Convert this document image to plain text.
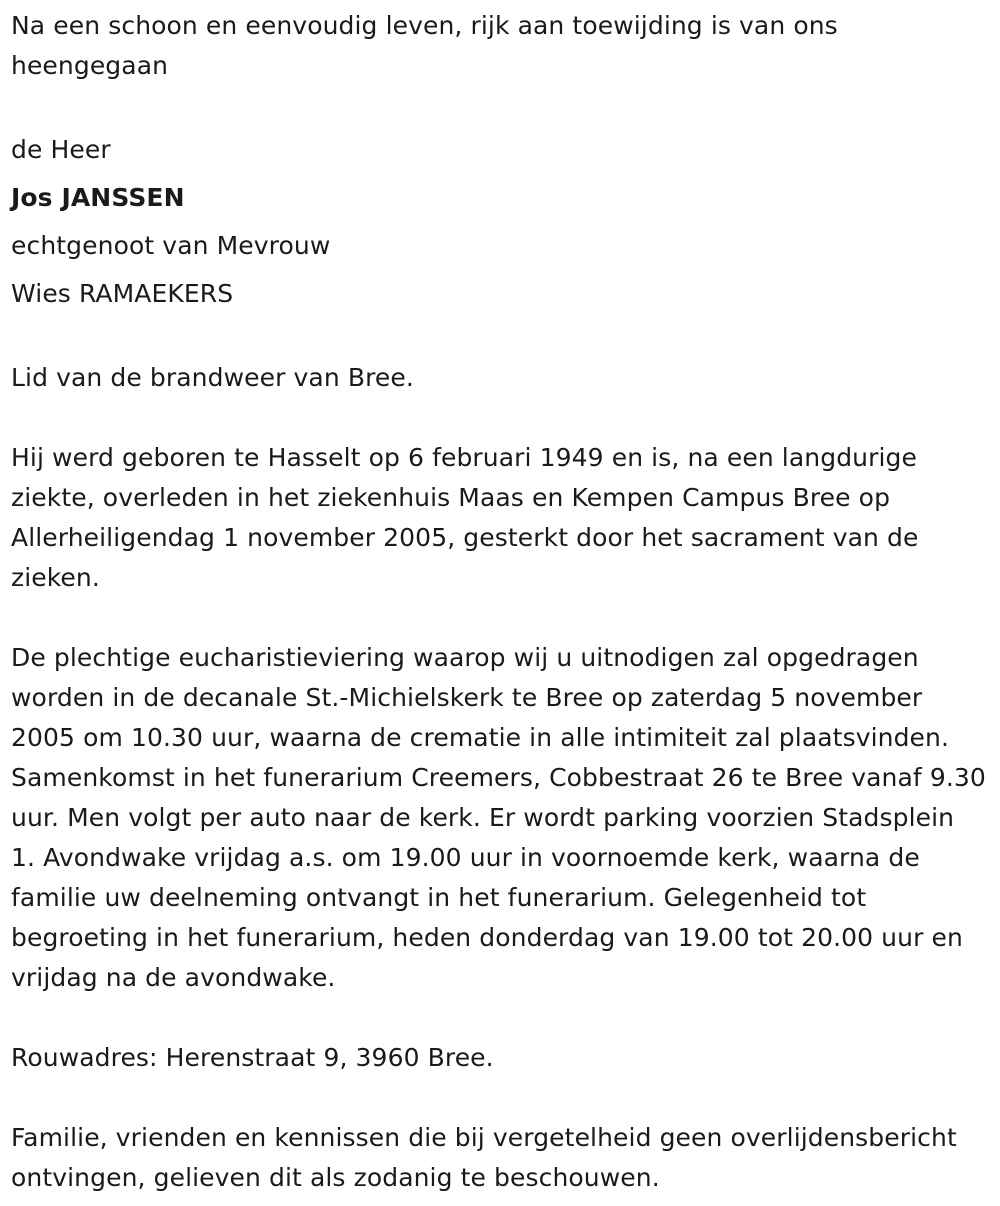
Na een schoon en eenvoudig leven, rijk aan toewijding is van ons heengegaan

de Heer

Jos JANSSEN

echtgenoot van Mevrouw

Wies RAMAEKERS

Lid van de brandweer van Bree.

Hij werd geboren te Hasselt op 6 februari 1949 en is, na een langdurige ziekte, overleden in het ziekenhuis Maas en Kempen Campus Bree op Allerheiligendag 1 november 2005, gesterkt door het sacrament van de zieken.

De plechtige eucharistieviering waarop wij u uitnodigen zal opgedragen worden in de decanale St.-Michielskerk te Bree op zaterdag 5 november 2005 om 10.30 uur, waarna de crematie in alle intimiteit zal plaatsvinden. Samenkomst in het funerarium Creemers, Cobbestraat 26 te Bree vanaf 9.30 uur. Men volgt per auto naar de kerk. Er wordt parking voorzien Stadsplein 1. Avondwake vrijdag a.s. om 19.00 uur in voornoemde kerk, waarna de familie uw deelneming ontvangt in het funerarium. Gelegenheid tot begroeting in het funerarium, heden donderdag van 19.00 tot 20.00 uur en vrijdag na de avondwake.

Rouwadres: Herenstraat 9, 3960 Bree.

Familie, vrienden en kennissen die bij vergetelheid geen overlijdensbericht ontvingen, gelieven dit als zodanig te beschouwen.
